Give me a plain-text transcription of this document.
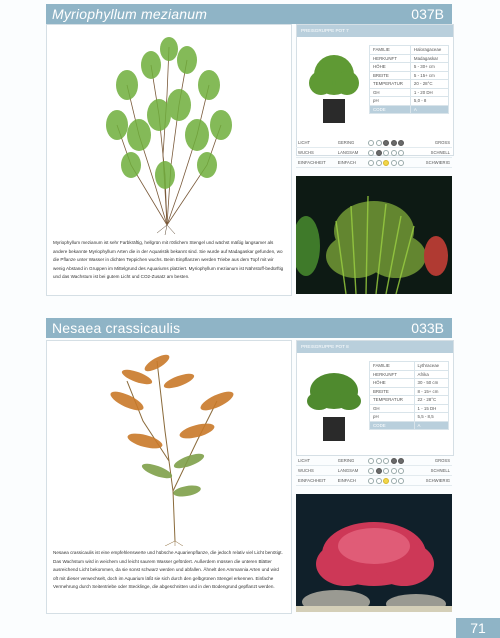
Myriophyllum mezianum	037B
Myriophyllum mezianum ist sehr Farbkräftig, hellgrün mit rötlichem Stengel und wächst mäßig langsamer als andere bekannte Myriophyllum Arten die in der Aquaristik bekannt sind. Sie wurde auf Madagaskar gefunden, wo die Pflanze unter Wasser in dichten Teppichen wuchs. Beim Einpflanzen werden Triebe aus dem Topf mit wir wenig Abstand in Gruppen im Mittelgrund des Aquariums platziert. Myriophyllum mezianum ist Nährstoff-bedürftig und das Wachstum ist bei gutem Licht und CO2-Zusatz am besten.
PREISGRUPPE POT 7
FAMILIE	Haloragaceae
HERKUNFT	Madagaskar
HÖHE	5 - 30+ cm
BREITE	5 - 15+ cm
TEMPERATUR	20 - 28°C
GH	1 - 20 DH
pH	5,0 - 8
CODE	A
LICHT	GERING		GROSS
WUCHS	LANGSAM		SCHNELL
EINFACHHEIT	EINFACH		SCHWIERIG
Nesaea crassicaulis	033B
Nesaea crassicaulis ist eine empfehlenswerte und hübsche Aquarienpflanze, die jedoch relativ viel Licht benötigt. Das Wachstum wird in weichem und leicht saurem Wasser gefördert. Außerdem müssen die unteren Blätter ausreichend Licht bekommen, da sie sonst schwarz werden und abfallen. Ähnelt den Ammannia Arten und wird oft mit dieser verwechselt, doch im Aquarium läßt sie sich durch den gelbgrünen Stengel erkennen. Einfache Vermehrung durch Seitentriebe oder Stecklinge, die abgeschnitten und in den Bodengrund gepflanzt werden.
PREISGRUPPE POT 8
FAMILIE	Lythraceae
HERKUNFT	Afrika
HÖHE	30 - 50 cm
BREITE	8 - 15+ cm
TEMPERATUR	22 - 28°C
GH	1 - 15 DH
pH	5,5 - 8,5
CODE	A
LICHT	GERING		GROSS
WUCHS	LANGSAM		SCHNELL
EINFACHHEIT	EINFACH		SCHWIERIG
71
